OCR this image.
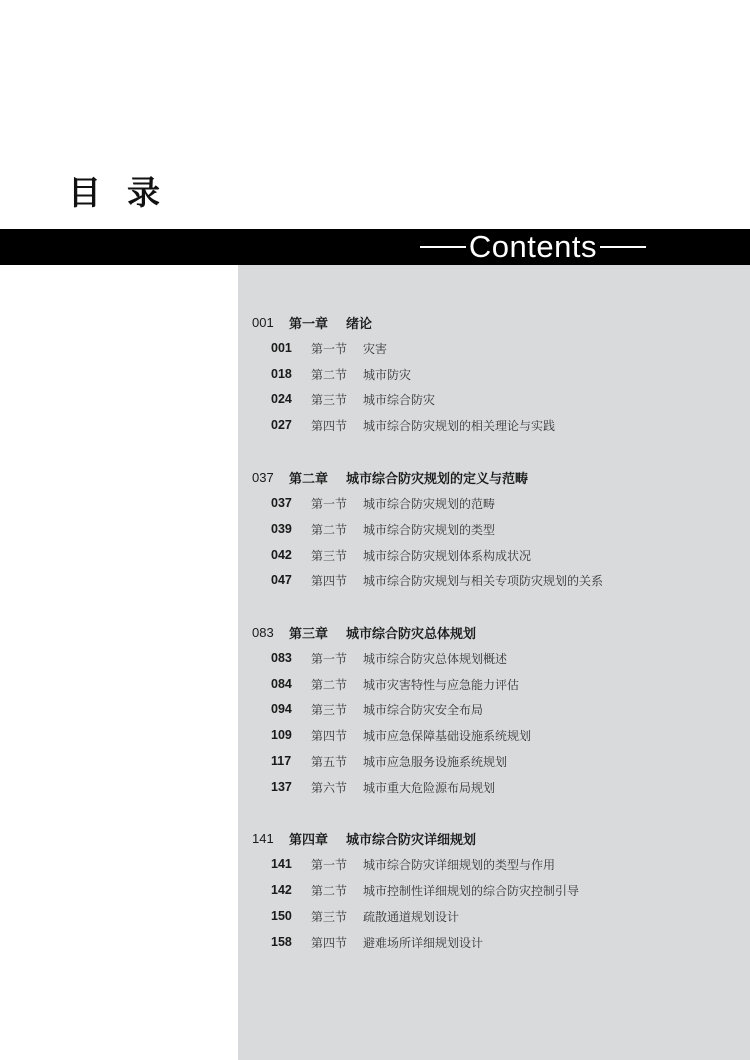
目录
Contents
001	第一章	绪论
001	第一节	灾害
018	第二节	城市防灾
024	第三节	城市综合防灾
027	第四节	城市综合防灾规划的相关理论与实践
037	第二章	城市综合防灾规划的定义与范畴
037	第一节	城市综合防灾规划的范畴
039	第二节	城市综合防灾规划的类型
042	第三节	城市综合防灾规划体系构成状况
047	第四节	城市综合防灾规划与相关专项防灾规划的关系
083	第三章	城市综合防灾总体规划
083	第一节	城市综合防灾总体规划概述
084	第二节	城市灾害特性与应急能力评估
094	第三节	城市综合防灾安全布局
109	第四节	城市应急保障基础设施系统规划
117	第五节	城市应急服务设施系统规划
137	第六节	城市重大危险源布局规划
141	第四章	城市综合防灾详细规划
141	第一节	城市综合防灾详细规划的类型与作用
142	第二节	城市控制性详细规划的综合防灾控制引导
150	第三节	疏散通道规划设计
158	第四节	避难场所详细规划设计
